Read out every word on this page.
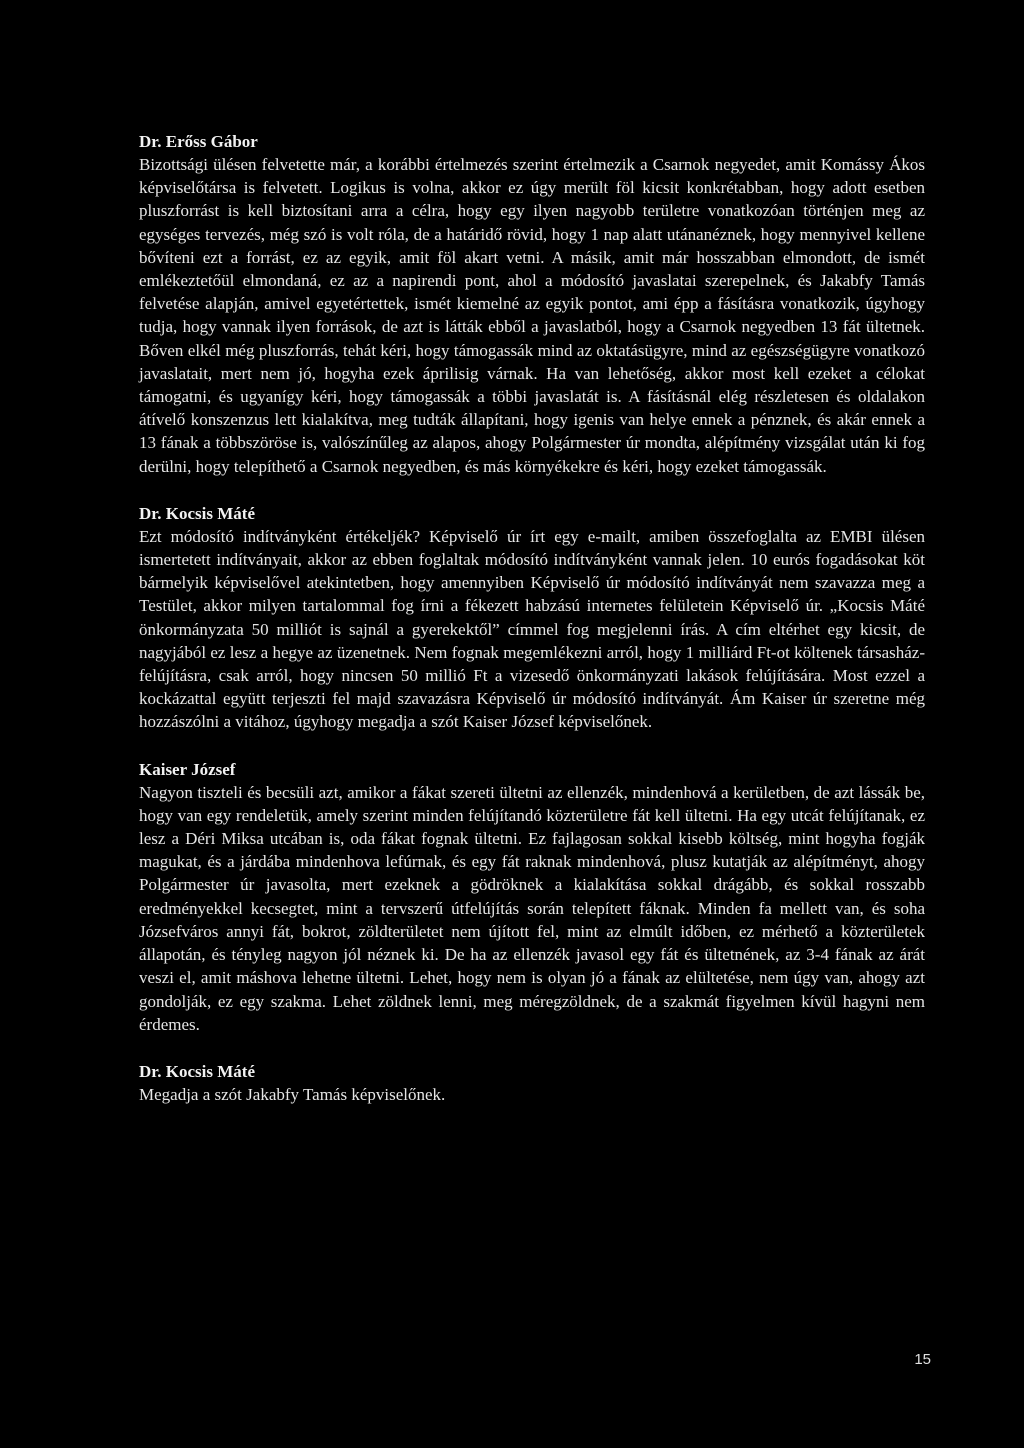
Dr. Erőss Gábor

Bizottsági ülésen felvetette már, a korábbi értelmezés szerint értelmezik a Csarnok negyedet, amit Komássy Ákos képviselőtársa is felvetett. Logikus is volna, akkor ez úgy merült föl kicsit konkrétabban, hogy adott esetben pluszforrást is kell biztosítani arra a célra, hogy egy ilyen nagyobb területre vonatkozóan történjen meg az egységes tervezés, még szó is volt róla, de a határidő rövid, hogy 1 nap alatt utánanéznek, hogy mennyivel kellene bővíteni ezt a forrást, ez az egyik, amit föl akart vetni. A másik, amit már hosszabban elmondott, de ismét emlékeztetőül elmondaná, ez az a napirendi pont, ahol a módosító javaslatai szerepelnek, és Jakabfy Tamás felvetése alapján, amivel egyetértettek, ismét kiemelné az egyik pontot, ami épp a fásításra vonatkozik, úgyhogy tudja, hogy vannak ilyen források, de azt is látták ebből a javaslatból, hogy a Csarnok negyedben 13 fát ültetnek. Bőven elkél még pluszforrás, tehát kéri, hogy támogassák mind az oktatásügyre, mind az egészségügyre vonatkozó javaslatait, mert nem jó, hogyha ezek áprilisig várnak. Ha van lehetőség, akkor most kell ezeket a célokat támogatni, és ugyanígy kéri, hogy támogassák a többi javaslatát is. A fásításnál elég részletesen és oldalakon átívelő konszenzus lett kialakítva, meg tudták állapítani, hogy igenis van helye ennek a pénznek, és akár ennek a 13 fának a többszöröse is, valószínűleg az alapos, ahogy Polgármester úr mondta, alépítmény vizsgálat után ki fog derülni, hogy telepíthető a Csarnok negyedben, és más környékekre és kéri, hogy ezeket támogassák.

Dr. Kocsis Máté

Ezt módosító indítványként értékeljék? Képviselő úr írt egy e-mailt, amiben összefoglalta az EMBI ülésen ismertetett indítványait, akkor az ebben foglaltak módosító indítványként vannak jelen. 10 eurós fogadásokat köt bármelyik képviselővel atekintetben, hogy amennyiben Képviselő úr módosító indítványát nem szavazza meg a Testület, akkor milyen tartalommal fog írni a fékezett habzású internetes felületein Képviselő úr. „Kocsis Máté önkormányzata 50 milliót is sajnál a gyerekektől” címmel fog megjelenni írás. A cím eltérhet egy kicsit, de nagyjából ez lesz a hegye az üzenetnek. Nem fognak megemlékezni arról, hogy 1 milliárd Ft-ot költenek társasház-felújításra, csak arról, hogy nincsen 50 millió Ft a vizesedő önkormányzati lakások felújítására. Most ezzel a kockázattal együtt terjeszti fel majd szavazásra Képviselő úr módosító indítványát. Ám Kaiser úr szeretne még hozzászólni a vitához, úgyhogy megadja a szót Kaiser József képviselőnek.

Kaiser József

Nagyon tiszteli és becsüli azt, amikor a fákat szereti ültetni az ellenzék, mindenhová a kerületben, de azt lássák be, hogy van egy rendeletük, amely szerint minden felújítandó közterületre fát kell ültetni. Ha egy utcát felújítanak, ez lesz a Déri Miksa utcában is, oda fákat fognak ültetni. Ez fajlagosan sokkal kisebb költség, mint hogyha fogják magukat, és a járdába mindenhova lefúrnak, és egy fát raknak mindenhová, plusz kutatják az alépítményt, ahogy Polgármester úr javasolta, mert ezeknek a gödröknek a kialakítása sokkal drágább, és sokkal rosszabb eredményekkel kecsegtet, mint a tervszerű útfelújítás során telepített fáknak. Minden fa mellett van, és soha Józsefváros annyi fát, bokrot, zöldterületet nem újított fel, mint az elmúlt időben, ez mérhető a közterületek állapotán, és tényleg nagyon jól néznek ki. De ha az ellenzék javasol egy fát és ültetnének, az 3-4 fának az árát veszi el, amit máshova lehetne ültetni. Lehet, hogy nem is olyan jó a fának az elültetése, nem úgy van, ahogy azt gondolják, ez egy szakma. Lehet zöldnek lenni, meg méregzöldnek, de a szakmát figyelmen kívül hagyni nem érdemes.

Dr. Kocsis Máté

Megadja a szót Jakabfy Tamás képviselőnek.

15
